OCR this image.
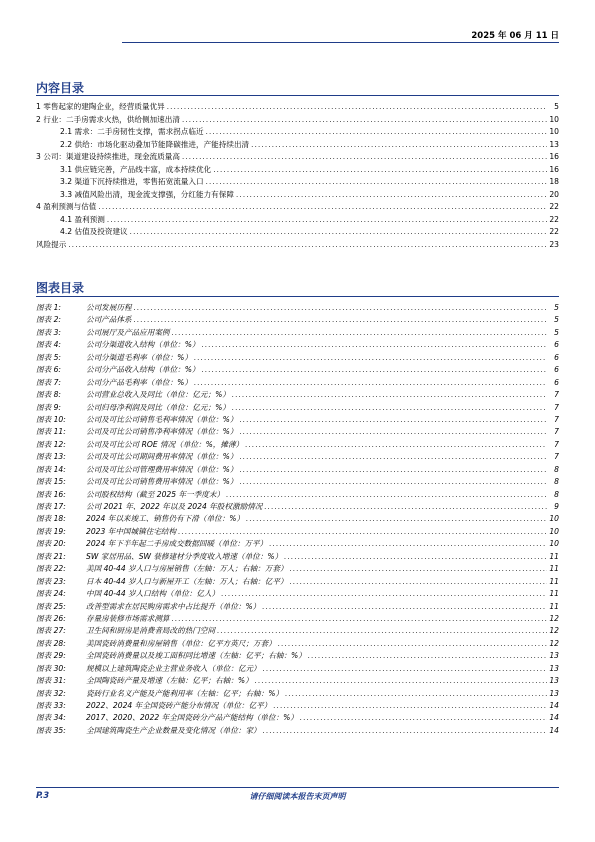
2025 年 06 月 11 日
内容目录
1 零售起家的建陶企业，经营质量优异 .....	5
2 行业：二手房需求火热，供给侧加速出清 .....	10
2.1 需求：二手房韧性支撑，需求拐点临近 .....	10
2.2 供给：市场化驱动叠加节能降碳推进，产能持续出清 .....	13
3 公司：渠道建设持续推进，现金流质量高 .....	16
3.1 供应链完善，产品线丰富，成本持续优化 .....	16
3.2 渠道下沉持续推进，零售拓宽流量入口 .....	18
3.3 减值风险出清，现金流支撑强，分红能力有保障 .....	20
4 盈利预测与估值 .....	22
4.1 盈利预测 .....	22
4.2 估值及投资建议 .....	22
风险提示 .....	23
图表目录
图表 1:	公司发展历程 .....	5
图表 2:	公司产品体系 .....	5
图表 3:	公司展厅及产品应用案例 .....	5
图表 4:	公司分渠道收入结构（单位：%） .....	6
图表 5:	公司分渠道毛利率（单位：%） .....	6
图表 6:	公司分产品收入结构（单位：%） .....	6
图表 7:	公司分产品毛利率（单位：%） .....	6
图表 8:	公司营业总收入及同比（单位：亿元；%） .....	7
图表 9:	公司归母净利润及同比（单位：亿元；%） .....	7
图表 10:	公司及可比公司销售毛利率情况（单位：%） .....	7
图表 11:	公司及可比公司销售净利率情况（单位：%） .....	7
图表 12:	公司及可比公司 ROE 情况（单位：%，摊薄） .....	7
图表 13:	公司及可比公司期间费用率情况（单位：%） .....	7
图表 14:	公司及可比公司管理费用率情况（单位：%） .....	8
图表 15:	公司及可比公司销售费用率情况（单位：%） .....	8
图表 16:	公司股权结构（截至 2025 年一季度末） .....	8
图表 17:	公司 2021 年、2022 年以及 2024 年股权激励情况 .....	9
图表 18:	2024 年以来竣工、销售仍有下滑（单位：%） .....	10
图表 19:	2023 年中国城镇住宅结构 .....	10
图表 20:	2024 年下半年起二手房成交数据回暖（单位：万平） .....	10
图表 21:	SW 家居用品、SW 装修建材分季度收入增速（单位：%） .....	11
图表 22:	美国 40-44 岁人口与房屋销售（左轴：万人；右轴：万套） .....	11
图表 23:	日本 40-44 岁人口与新屋开工（左轴：万人；右轴：亿平） .....	11
图表 24:	中国 40-44 岁人口结构（单位：亿人） .....	11
图表 25:	改善型需求在居民购房需求中占比提升（单位：%） .....	11
图表 26:	存量房装修市场需求测算 .....	12
图表 27:	卫生间和厨房是消费者局改的热门空间 .....	12
图表 28:	美国瓷砖消费量和房屋销售（单位：亿平方英尺；万套） .....	12
图表 29:	全国瓷砖消费量以及竣工面积同比增速（左轴：亿平；右轴：%） .....	13
图表 30:	规模以上建筑陶瓷企业主营业务收入（单位：亿元） .....	13
图表 31:	全国陶瓷砖产量及增速（左轴：亿平；右轴：%） .....	13
图表 32:	瓷砖行业名义产能及产能利用率（左轴：亿平；右轴：%） .....	13
图表 33:	2022、2024 年全国瓷砖产能分布情况（单位：亿平） .....	14
图表 34:	2017、2020、2022 年全国瓷砖分产品产能结构（单位：%） .....	14
图表 35:	全国建筑陶瓷生产企业数量及变化情况（单位：家） .....	14
P.3	请仔细阅读本报告末页声明
